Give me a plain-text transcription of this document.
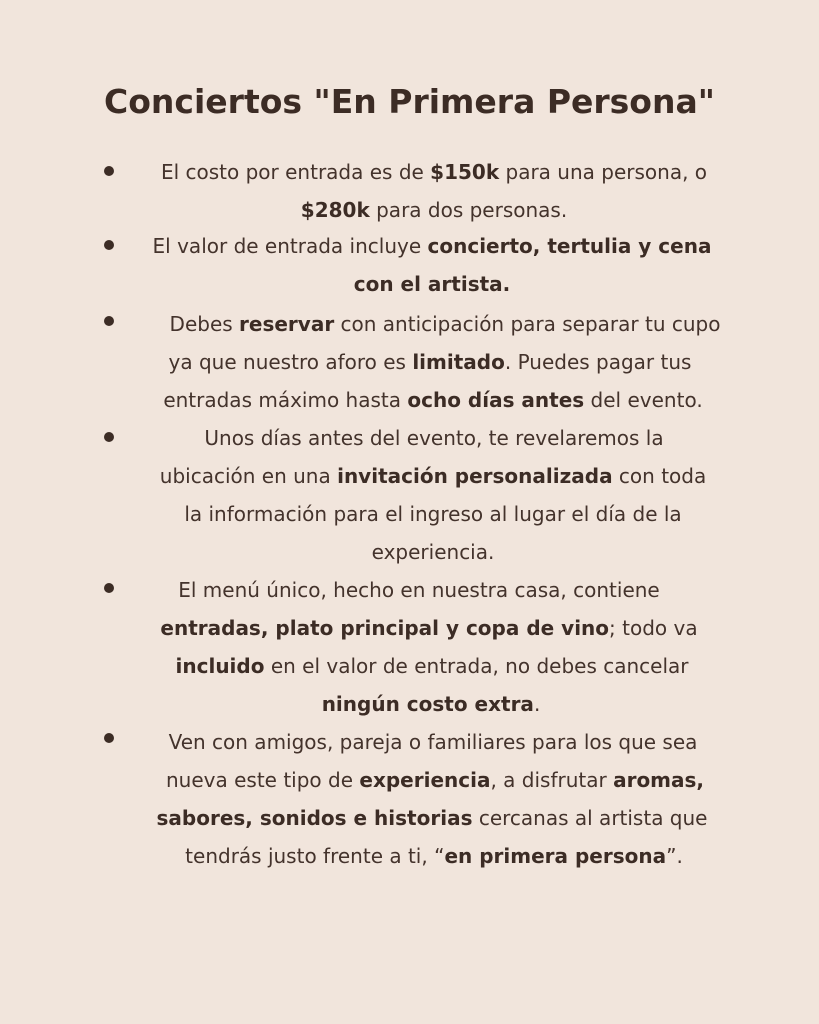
Conciertos "En Primera Persona"
El costo por entrada es de $150k para una persona, o
$280k para dos personas.
El valor de entrada incluye concierto, tertulia y cena
con el artista.
Debes reservar con anticipación para separar tu cupo
ya que nuestro aforo es limitado. Puedes pagar tus
entradas máximo hasta ocho días antes del evento.
Unos días antes del evento, te revelaremos la
ubicación en una invitación personalizada con toda
la información para el ingreso al lugar el día de la
experiencia.
El menú único, hecho en nuestra casa, contiene
entradas, plato principal y copa de vino; todo va
incluido en el valor de entrada, no debes cancelar
ningún costo extra.
Ven con amigos, pareja o familiares para los que sea
nueva este tipo de experiencia, a disfrutar aromas,
sabores, sonidos e historias cercanas al artista que
tendrás justo frente a ti, “en primera persona”.
